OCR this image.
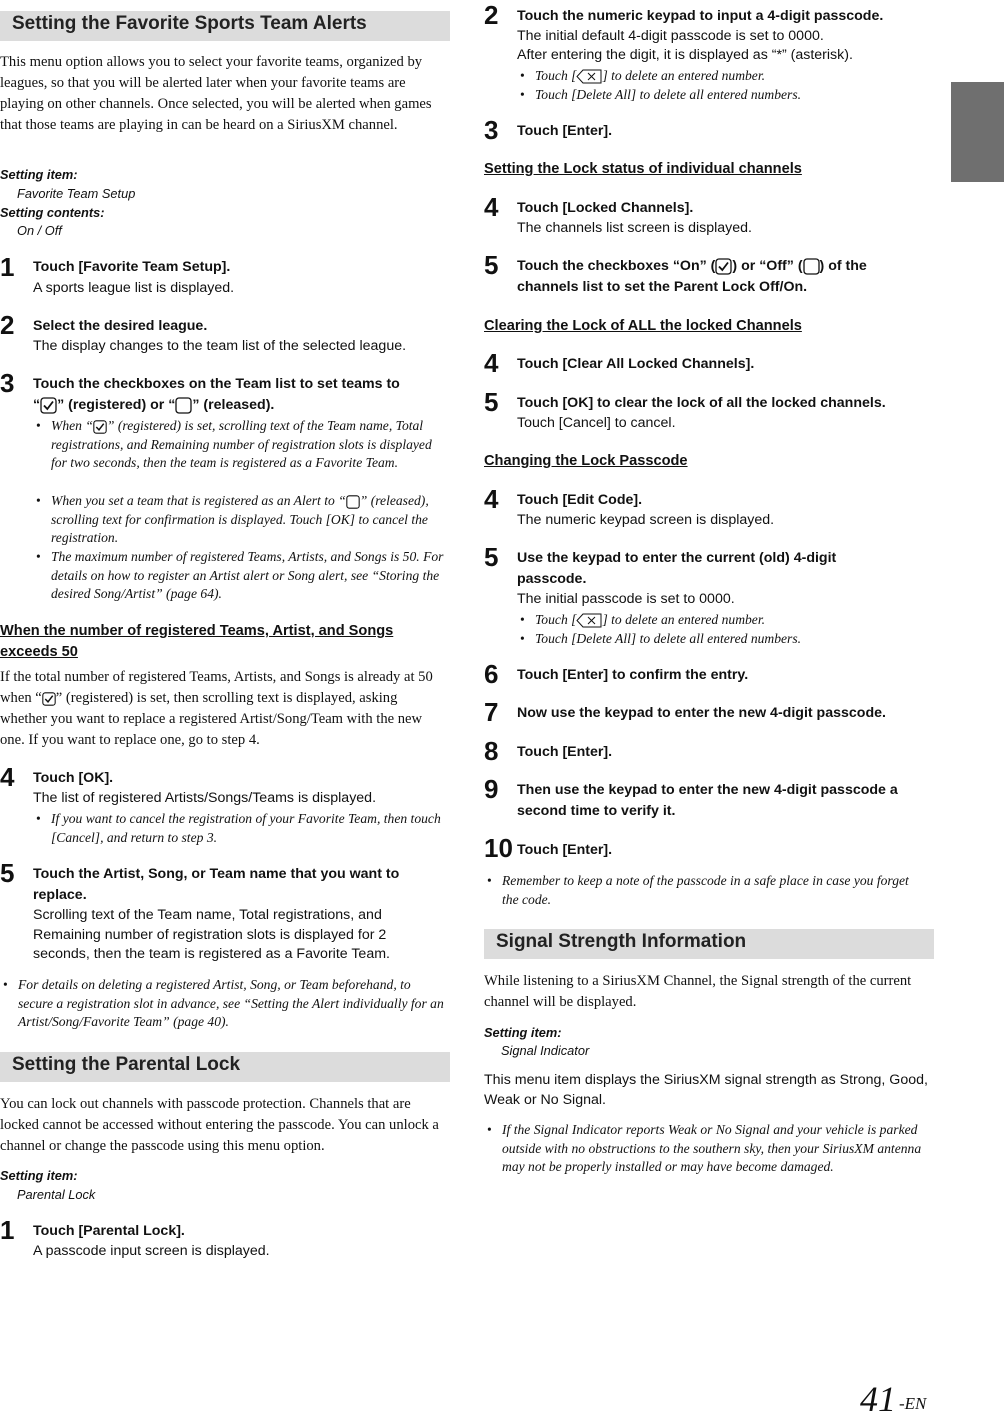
Setting the Favorite Sports Team Alerts
This menu option allows you to select your favorite teams, organized by leagues, so that you will be alerted later when your favorite teams are playing on other channels. Once selected, you will be alerted when games that those teams are playing in can be heard on a SiriusXM channel.
Setting item:
Favorite Team Setup
Setting contents:
On / Off
1 Touch [Favorite Team Setup].
A sports league list is displayed.
2 Select the desired league.
The display changes to the team list of the selected league.
3 Touch the checkboxes on the Team list to set teams to
“ ” (registered) or “ ” (released).
• When “ ” (registered) is set, scrolling text of the Team name, Total registrations, and Remaining number of registration slots is displayed for two seconds, then the team is registered as a Favorite Team.
• When you set a team that is registered as an Alert to “ ” (released), scrolling text for confirmation is displayed. Touch [OK] to cancel the registration.
• The maximum number of registered Teams, Artists, and Songs is 50. For details on how to register an Artist alert or Song alert, see “Storing the desired Song/Artist” (page 64).
When the number of registered Teams, Artist, and Songs exceeds 50
If the total number of registered Teams, Artists, and Songs is already at 50 when “ ” (registered) is set, then scrolling text is displayed, asking whether you want to replace a registered Artist/Song/Team with the new one. If you want to replace one, go to step 4.
4 Touch [OK].
The list of registered Artists/Songs/Teams is displayed.
• If you want to cancel the registration of your Favorite Team, then touch [Cancel], and return to step 3.
5 Touch the Artist, Song, or Team name that you want to replace.
Scrolling text of the Team name, Total registrations, and Remaining number of registration slots is displayed for 2 seconds, then the team is registered as a Favorite Team.
• For details on deleting a registered Artist, Song, or Team beforehand, to secure a registration slot in advance, see “Setting the Alert individually for an Artist/Song/Favorite Team” (page 40).
Setting the Parental Lock
You can lock out channels with passcode protection. Channels that are locked cannot be accessed without entering the passcode. You can unlock a channel or change the passcode using this menu option.
Setting item:
Parental Lock
1 Touch [Parental Lock].
A passcode input screen is displayed.
2 Touch the numeric keypad to input a 4-digit passcode.
The initial default 4-digit passcode is set to 0000.
After entering the digit, it is displayed as “*” (asterisk).
• Touch [ ] to delete an entered number.
• Touch [Delete All] to delete all entered numbers.
3 Touch [Enter].
Setting the Lock status of individual channels
4 Touch [Locked Channels].
The channels list screen is displayed.
5 Touch the checkboxes “On” ( ) or “Off” ( ) of the
channels list to set the Parent Lock Off/On.
Clearing the Lock of ALL the locked Channels
4 Touch [Clear All Locked Channels].
5 Touch [OK] to clear the lock of all the locked channels.
Touch [Cancel] to cancel.
Changing the Lock Passcode
4 Touch [Edit Code].
The numeric keypad screen is displayed.
5 Use the keypad to enter the current (old) 4-digit passcode.
The initial passcode is set to 0000.
• Touch [ ] to delete an entered number.
• Touch [Delete All] to delete all entered numbers.
6 Touch [Enter] to confirm the entry.
7 Now use the keypad to enter the new 4-digit passcode.
8 Touch [Enter].
9 Then use the keypad to enter the new 4-digit passcode a second time to verify it.
10 Touch [Enter].
• Remember to keep a note of the passcode in a safe place in case you forget the code.
Signal Strength Information
While listening to a SiriusXM Channel, the Signal strength of the current channel will be displayed.
Setting item:
Signal Indicator
This menu item displays the SiriusXM signal strength as Strong, Good, Weak or No Signal.
• If the Signal Indicator reports Weak or No Signal and your vehicle is parked outside with no obstructions to the southern sky, then your SiriusXM antenna may not be properly installed or may have become damaged.
41 -EN
